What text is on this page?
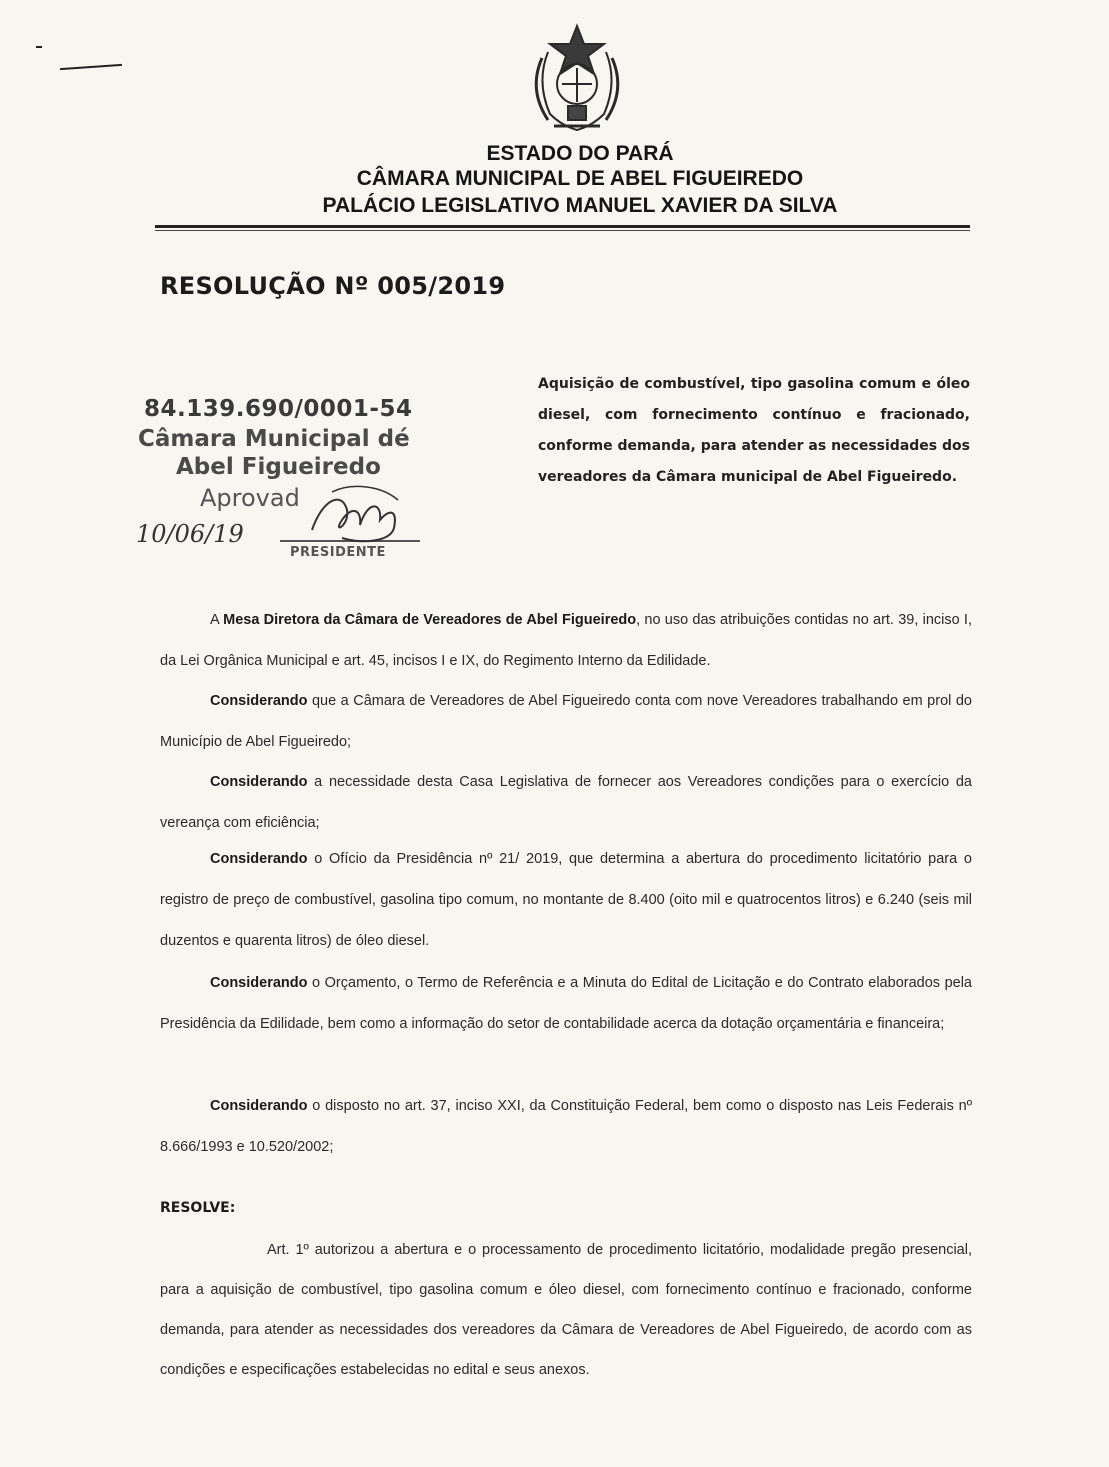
ESTADO DO PARÁ
CÂMARA MUNICIPAL DE ABEL FIGUEIREDO
PALÁCIO LEGISLATIVO MANUEL XAVIER DA SILVA
RESOLUÇÃO Nº 005/2019
84.139.690/0001-54
Câmara Municipal dé
Abel Figueiredo
Aprovad
10/06/19
PRESIDENTE
Aquisição de combustível, tipo gasolina comum e óleo diesel, com fornecimento contínuo e fracionado, conforme demanda, para atender as necessidades dos vereadores da Câmara municipal de Abel Figueiredo.
A Mesa Diretora da Câmara de Vereadores de Abel Figueiredo, no uso das atribuições contidas no art. 39, inciso I, da Lei Orgânica Municipal e art. 45, incisos I e IX, do Regimento Interno da Edilidade.
Considerando que a Câmara de Vereadores de Abel Figueiredo conta com nove Vereadores trabalhando em prol do Município de Abel Figueiredo;
Considerando a necessidade desta Casa Legislativa de fornecer aos Vereadores condições para o exercício da vereança com eficiência;
Considerando o Ofício da Presidência nº 21/ 2019, que determina a abertura do procedimento licitatório para o registro de preço de combustível, gasolina tipo comum, no montante de 8.400 (oito mil e quatrocentos litros) e 6.240 (seis mil duzentos e quarenta litros) de óleo diesel.
Considerando o Orçamento, o Termo de Referência e a Minuta do Edital de Licitação e do Contrato elaborados pela Presidência da Edilidade, bem como a informação do setor de contabilidade acerca da dotação orçamentária e financeira;
Considerando o disposto no art. 37, inciso XXI, da Constituição Federal, bem como o disposto nas Leis Federais nº 8.666/1993 e 10.520/2002;
RESOLVE:
Art. 1º autorizou a abertura e o processamento de procedimento licitatório, modalidade pregão presencial, para a aquisição de combustível, tipo gasolina comum e óleo diesel, com fornecimento contínuo e fracionado, conforme demanda, para atender as necessidades dos vereadores da Câmara de Vereadores de Abel Figueiredo, de acordo com as condições e especificações estabelecidas no edital e seus anexos.
